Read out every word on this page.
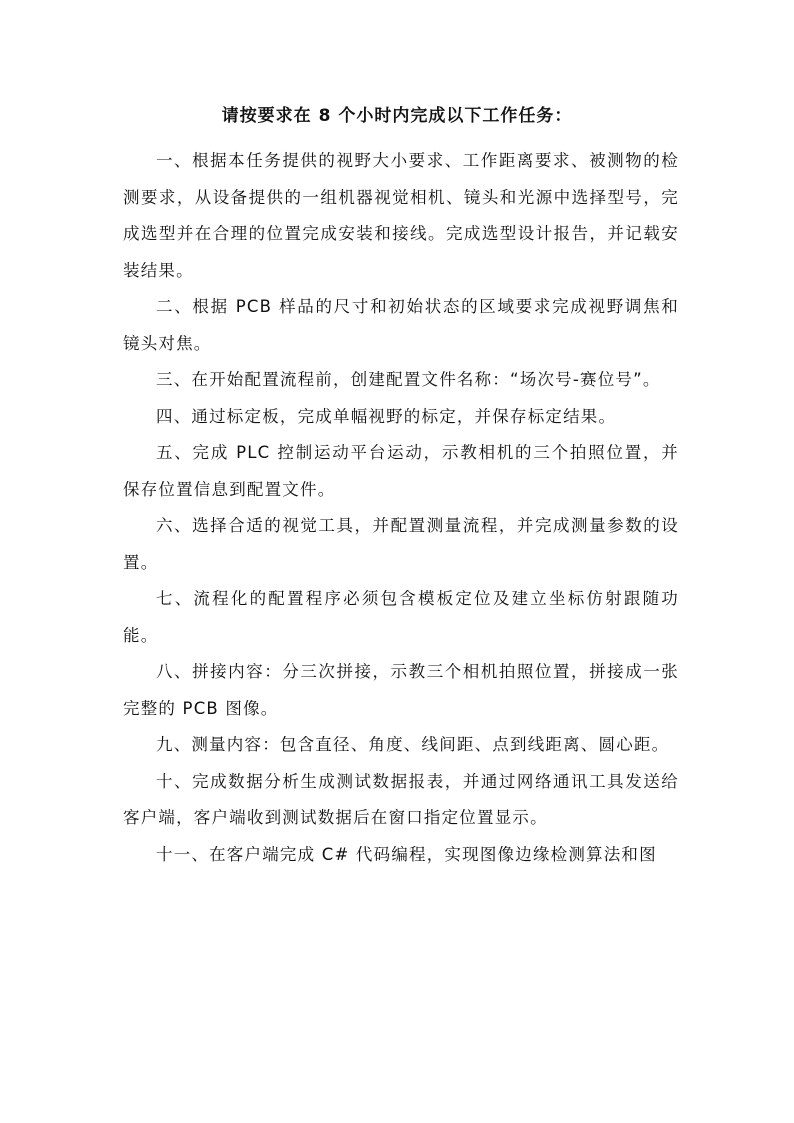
请按要求在 8 个小时内完成以下工作任务：

一、根据本任务提供的视野大小要求、工作距离要求、被测物的检测要求，从设备提供的一组机器视觉相机、镜头和光源中选择型号，完成选型并在合理的位置完成安装和接线。完成选型设计报告，并记载安装结果。

二、根据 PCB 样品的尺寸和初始状态的区域要求完成视野调焦和镜头对焦。

三、在开始配置流程前，创建配置文件名称：“场次号-赛位号”。

四、通过标定板，完成单幅视野的标定，并保存标定结果。

五、完成 PLC 控制运动平台运动，示教相机的三个拍照位置，并保存位置信息到配置文件。

六、选择合适的视觉工具，并配置测量流程，并完成测量参数的设置。

七、流程化的配置程序必须包含模板定位及建立坐标仿射跟随功能。

八、拼接内容：分三次拼接，示教三个相机拍照位置，拼接成一张完整的 PCB 图像。

九、测量内容：包含直径、角度、线间距、点到线距离、圆心距。

十、完成数据分析生成测试数据报表，并通过网络通讯工具发送给客户端，客户端收到测试数据后在窗口指定位置显示。

十一、在客户端完成 C# 代码编程，实现图像边缘检测算法和图
